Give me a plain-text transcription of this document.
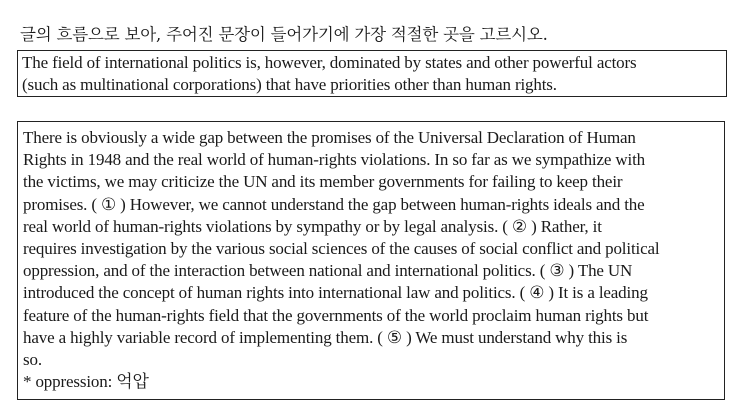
글의 흐름으로 보아, 주어진 문장이 들어가기에 가장 적절한 곳을 고르시오.

The field of international politics is, however, dominated by states and other powerful actors

(such as multinational corporations) that have priorities other than human rights.

There is obviously a wide gap between the promises of the Universal Declaration of Human

Rights in 1948 and the real world of human-rights violations. In so far as we sympathize with

the victims, we may criticize the UN and its member governments for failing to keep their

promises. ( ① ) However, we cannot understand the gap between human-rights ideals and the

real world of human-rights violations by sympathy or by legal analysis. ( ② ) Rather, it

requires investigation by the various social sciences of the causes of social conflict and political

oppression, and of the interaction between national and international politics. ( ③ ) The UN

introduced the concept of human rights into international law and politics. ( ④ ) It is a leading

feature of the human-rights field that the governments of the world proclaim human rights but

have a highly variable record of implementing them. ( ⑤ ) We must understand why this is

so.

* oppression: 억압
